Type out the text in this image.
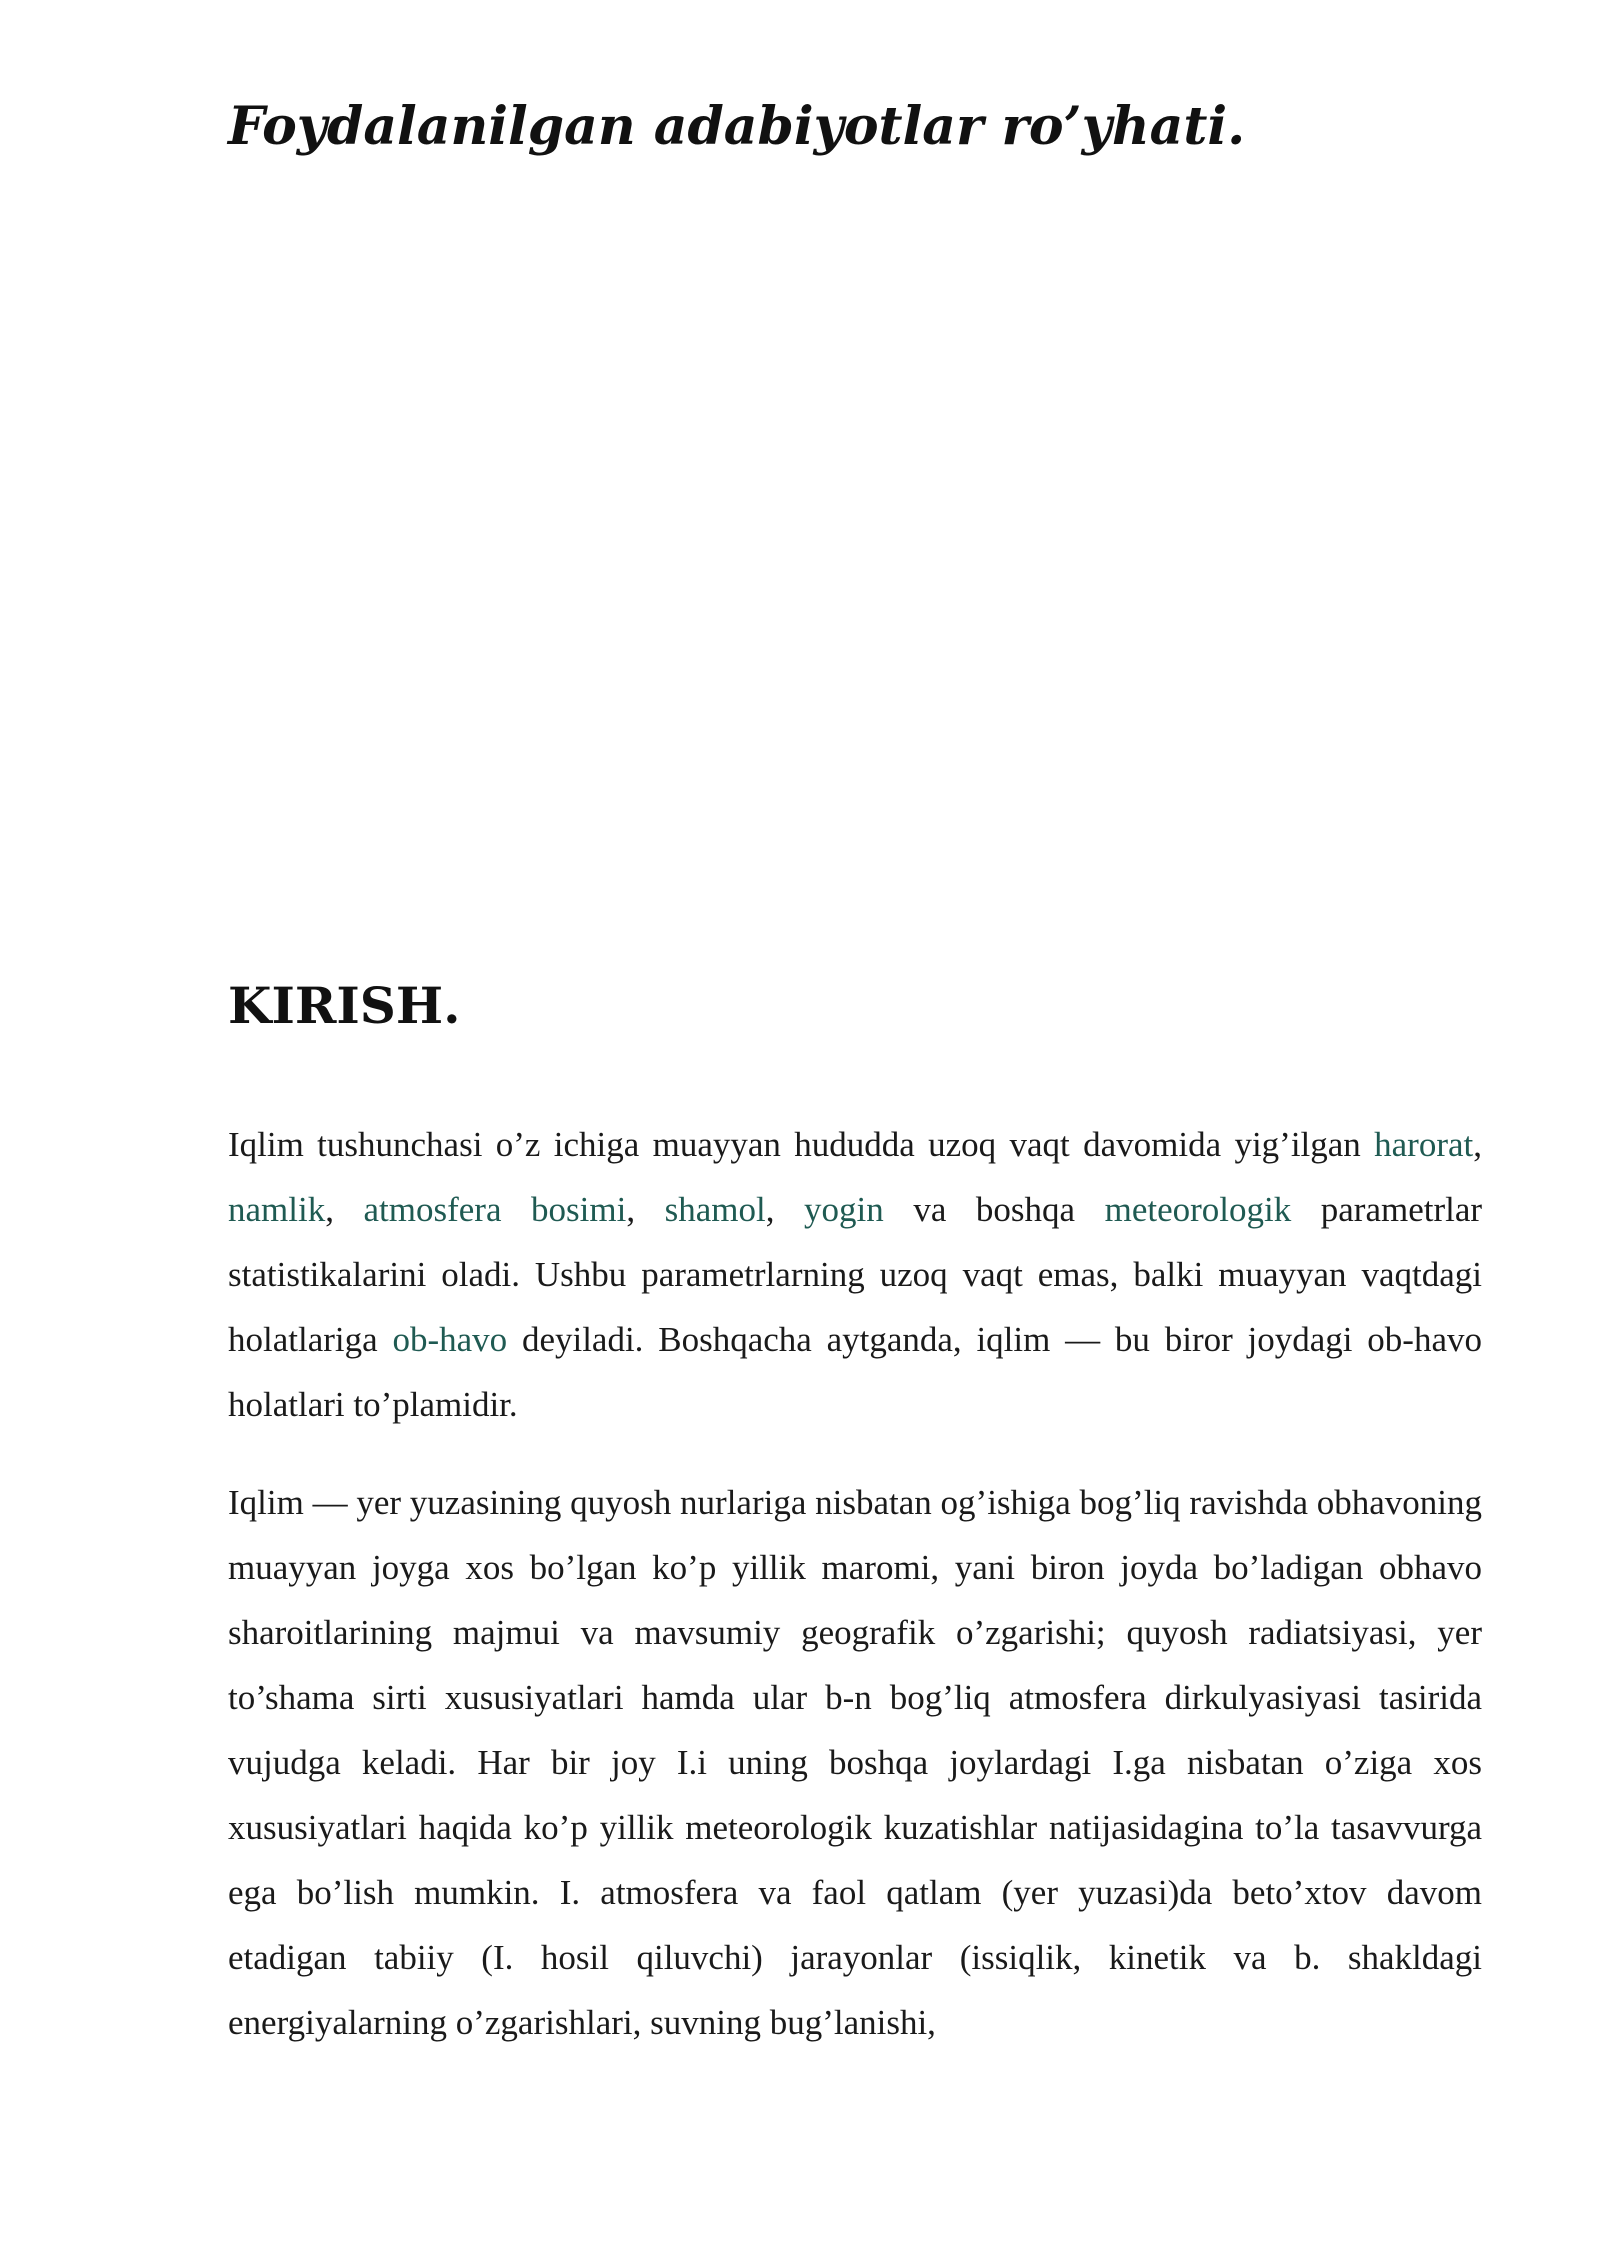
Foydalanilgan adabiyotlar ro’yhati.
KIRISH.

Iqlim tushunchasi o’z ichiga muayyan hududda uzoq vaqt davomida yig’ilgan harorat, namlik, atmosfera bosimi, shamol, yogin va boshqa meteorologik parametrlar statistikalarini oladi. Ushbu parametrlarning uzoq vaqt emas, balki muayyan vaqtdagi holatlariga ob-havo deyiladi. Boshqacha aytganda, iqlim — bu biror joydagi ob-havo holatlari to’plamidir.

Iqlim — yer yuzasining quyosh nurlariga nisbatan og’ishiga bog’liq ravishda obhavoning muayyan joyga xos bo’lgan ko’p yillik maromi, yani biron joyda bo’ladigan obhavo sharoitlarining majmui va mavsumiy geografik o’zgarishi; quyosh radiatsiyasi, yer to’shama sirti xususiyatlari hamda ular b-n bog’liq atmosfera dirkulyasiyasi tasirida vujudga keladi. Har bir joy I.i uning boshqa joylardagi I.ga nisbatan o’ziga xos xususiyatlari haqida ko’p yillik meteorologik kuzatishlar natijasidagina to’la tasavvurga ega bo’lish mumkin. I. atmosfera va faol qatlam (yer yuzasi)da beto’xtov davom etadigan tabiiy (I. hosil qiluvchi) jarayonlar (issiqlik, kinetik va b. shakldagi energiyalarning o’zgarishlari, suvning bug’lanishi,
